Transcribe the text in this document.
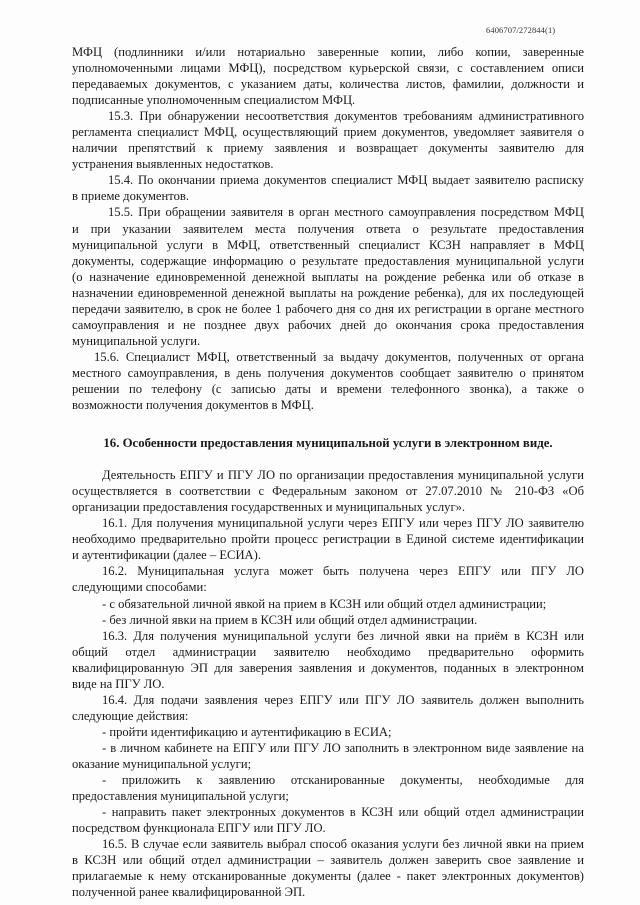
6406707/272844(1)
МФЦ (подлинники и/или нотариально заверенные копии, либо копии, заверенные
уполномоченными лицами МФЦ), посредством курьерской связи, с составлением описи
передаваемых документов, с указанием даты, количества листов, фамилии, должности и
подписанные уполномоченным специалистом МФЦ.
15.3. При обнаружении несоответствия документов требованиям административного
регламента специалист МФЦ, осуществляющий прием документов, уведомляет заявителя о
наличии препятствий к приему заявления и возвращает документы заявителю для
устранения выявленных недостатков.
15.4. По окончании приема документов специалист МФЦ выдает заявителю расписку
в приеме документов.
15.5. При обращении заявителя в орган местного самоуправления посредством МФЦ
и при указании заявителем места получения ответа о результате предоставления
муниципальной услуги в МФЦ, ответственный специалист КСЗН направляет в МФЦ
документы, содержащие информацию о результате предоставления муниципальной услуги
(о назначение единовременной денежной выплаты на рождение ребенка или об отказе в
назначении единовременной денежной выплаты на рождение ребенка), для их последующей
передачи заявителю, в срок не более 1 рабочего дня со дня их регистрации в органе местного
самоуправления и не позднее двух рабочих дней до окончания срока предоставления
муниципальной услуги.
15.6. Специалист МФЦ, ответственный за выдачу документов, полученных от органа
местного самоуправления, в день получения документов сообщает заявителю о принятом
решении по телефону (с записью даты и времени телефонного звонка), а также о
возможности получения документов в МФЦ.
16. Особенности предоставления муниципальной услуги в электронном виде.
Деятельность ЕПГУ и ПГУ ЛО по организации предоставления муниципальной услуги
осуществляется в соответствии с Федеральным законом от 27.07.2010 № 210-ФЗ «Об
организации предоставления государственных и муниципальных услуг».
16.1. Для получения муниципальной услуги через ЕПГУ или через ПГУ ЛО заявителю
необходимо предварительно пройти процесс регистрации в Единой системе идентификации
и аутентификации (далее – ЕСИА).
16.2. Муниципальная услуга может быть получена через ЕПГУ или ПГУ ЛО
следующими способами:
- с обязательной личной явкой на прием в КСЗН или общий отдел администрации;
- без личной явки на прием в КСЗН или общий отдел администрации.
16.3. Для получения муниципальной услуги без личной явки на приём в КСЗН или
общий отдел администрации заявителю необходимо предварительно оформить
квалифицированную ЭП для заверения заявления и документов, поданных в электронном
виде на ПГУ ЛО.
16.4. Для подачи заявления через ЕПГУ или ПГУ ЛО заявитель должен выполнить
следующие действия:
- пройти идентификацию и аутентификацию в ЕСИА;
- в личном кабинете на ЕПГУ или ПГУ ЛО заполнить в электронном виде заявление на
оказание муниципальной услуги;
- приложить к заявлению отсканированные документы, необходимые для
предоставления муниципальной услуги;
- направить пакет электронных документов в КСЗН или общий отдел администрации
посредством функционала ЕПГУ или ПГУ ЛО.
16.5. В случае если заявитель выбрал способ оказания услуги без личной явки на прием
в КСЗН или общий отдел администрации – заявитель должен заверить свое заявление и
прилагаемые к нему отсканированные документы (далее - пакет электронных документов)
полученной ранее квалифицированной ЭП.
